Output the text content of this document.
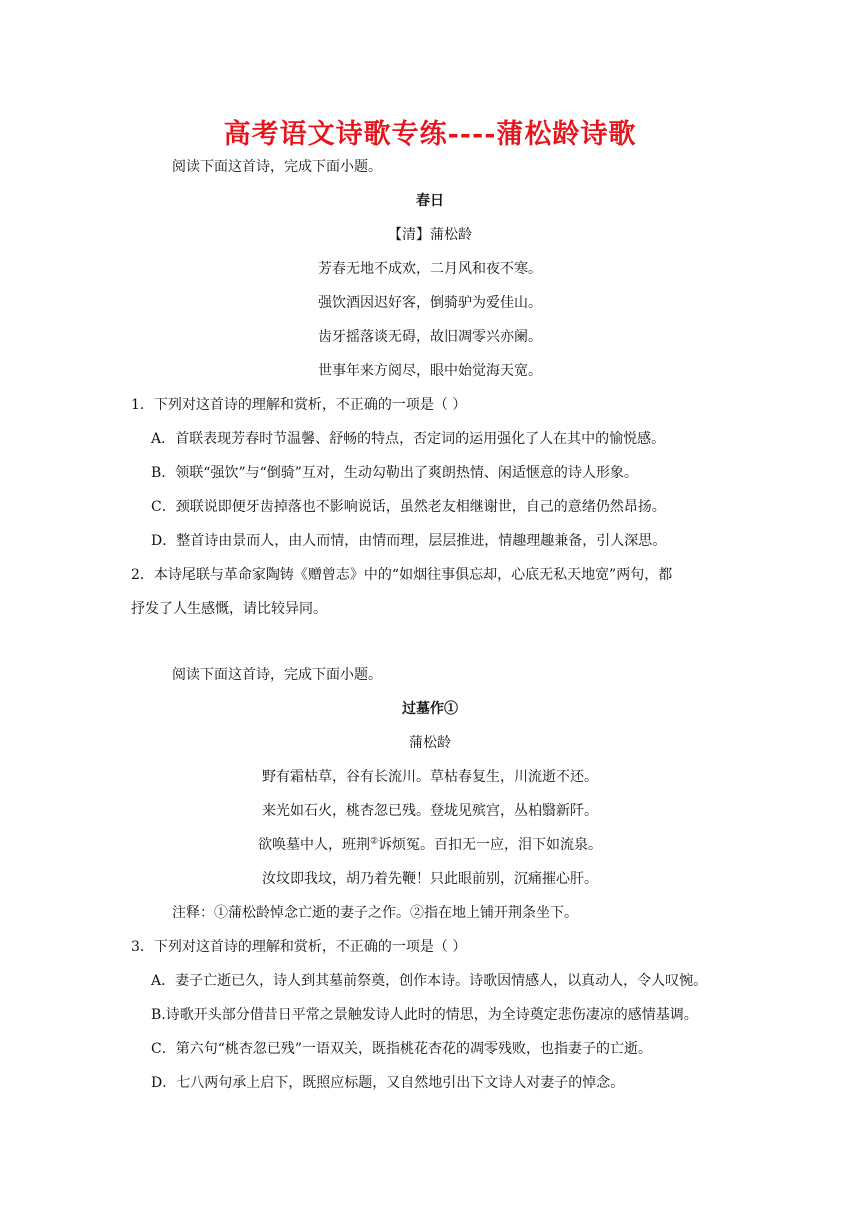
高考语文诗歌专练----蒲松龄诗歌
阅读下面这首诗，完成下面小题。
春日
【清】蒲松龄
芳春无地不成欢，二月风和夜不寒。
强饮酒因迟好客，倒骑驴为爱佳山。
齿牙摇落谈无碍，故旧凋零兴亦阑。
世事年来方阅尽，眼中始觉海天宽。
1．下列对这首诗的理解和赏析，不正确的一项是（ ）
A．首联表现芳春时节温馨、舒畅的特点，否定词的运用强化了人在其中的愉悦感。
B．领联“强饮”与“倒骑”互对，生动勾勒出了爽朗热情、闲适惬意的诗人形象。
C．颈联说即便牙齿掉落也不影响说话，虽然老友相继谢世，自己的意绪仍然昂扬。
D．整首诗由景而人，由人而情，由情而理，层层推进，情趣理趣兼备，引人深思。
2．本诗尾联与革命家陶铸《赠曾志》中的“如烟往事俱忘却，心底无私天地宽”两句，都
抒发了人生感慨，请比较异同。
阅读下面这首诗，完成下面小题。
过墓作①
蒲松龄
野有霜枯草，谷有长流川。草枯春复生，川流逝不还。
来光如石火，桃杏忽已残。登垅见殡宫，丛柏翳新阡。
欲唤墓中人，班荆②诉烦冤。百扣无一应，泪下如流泉。
汝坟即我坟，胡乃着先鞭！只此眼前别，沉痛摧心肝。
注释：①蒲松龄悼念亡逝的妻子之作。②指在地上铺开荆条坐下。
3．下列对这首诗的理解和赏析，不正确的一项是（ ）
A．妻子亡逝已久，诗人到其墓前祭奠，创作本诗。诗歌因情感人，以真动人，令人叹惋。
B.诗歌开头部分借昔日平常之景触发诗人此时的情思，为全诗奠定悲伤凄凉的感情基调。
C．第六句“桃杏忽已残”一语双关，既指桃花杏花的凋零残败，也指妻子的亡逝。
D．七八两句承上启下，既照应标题，又自然地引出下文诗人对妻子的悼念。
